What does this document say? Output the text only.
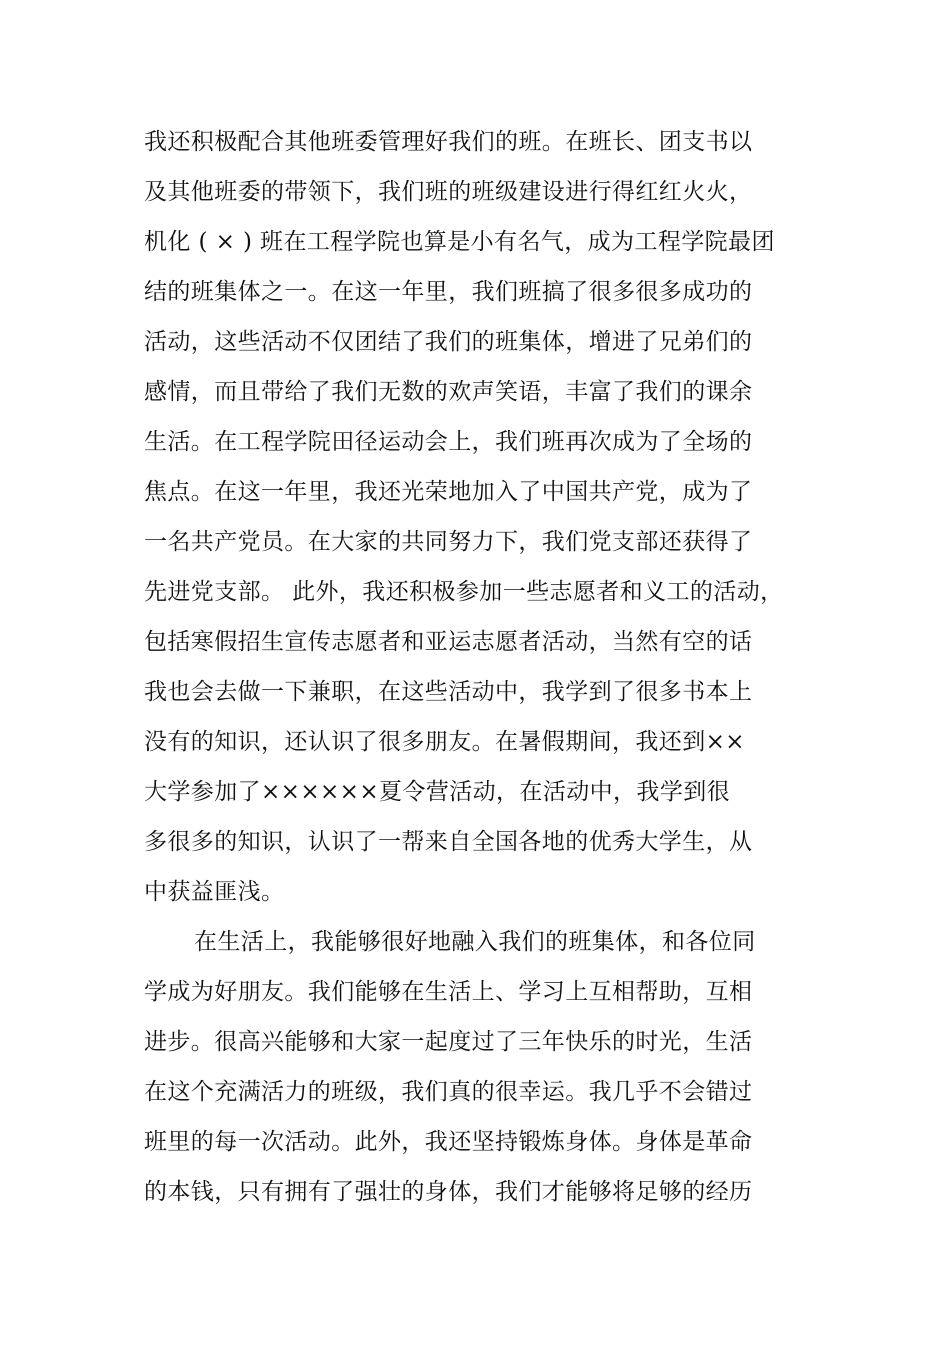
我还积极配合其他班委管理好我们的班。在班长、团支书以
及其他班委的带领下，我们班的班级建设进行得红红火火，
机化 ( × ) 班在工程学院也算是小有名气，成为工程学院最团
结的班集体之一。在这一年里，我们班搞了很多很多成功的
活动，这些活动不仅团结了我们的班集体，增进了兄弟们的
感情，而且带给了我们无数的欢声笑语，丰富了我们的课余
生活。在工程学院田径运动会上，我们班再次成为了全场的
焦点。在这一年里，我还光荣地加入了中国共产党，成为了
一名共产党员。在大家的共同努力下，我们党支部还获得了
先进党支部。 此外，我还积极参加一些志愿者和义工的活动，
包括寒假招生宣传志愿者和亚运志愿者活动，当然有空的话
我也会去做一下兼职，在这些活动中，我学到了很多书本上
没有的知识，还认识了很多朋友。在暑假期间，我还到××
大学参加了××××××夏令营活动，在活动中，我学到很
多很多的知识，认识了一帮来自全国各地的优秀大学生，从
中获益匪浅。
在生活上，我能够很好地融入我们的班集体，和各位同
学成为好朋友。我们能够在生活上、学习上互相帮助，互相
进步。很高兴能够和大家一起度过了三年快乐的时光，生活
在这个充满活力的班级，我们真的很幸运。我几乎不会错过
班里的每一次活动。此外，我还坚持锻炼身体。身体是革命
的本钱，只有拥有了强壮的身体，我们才能够将足够的经历
